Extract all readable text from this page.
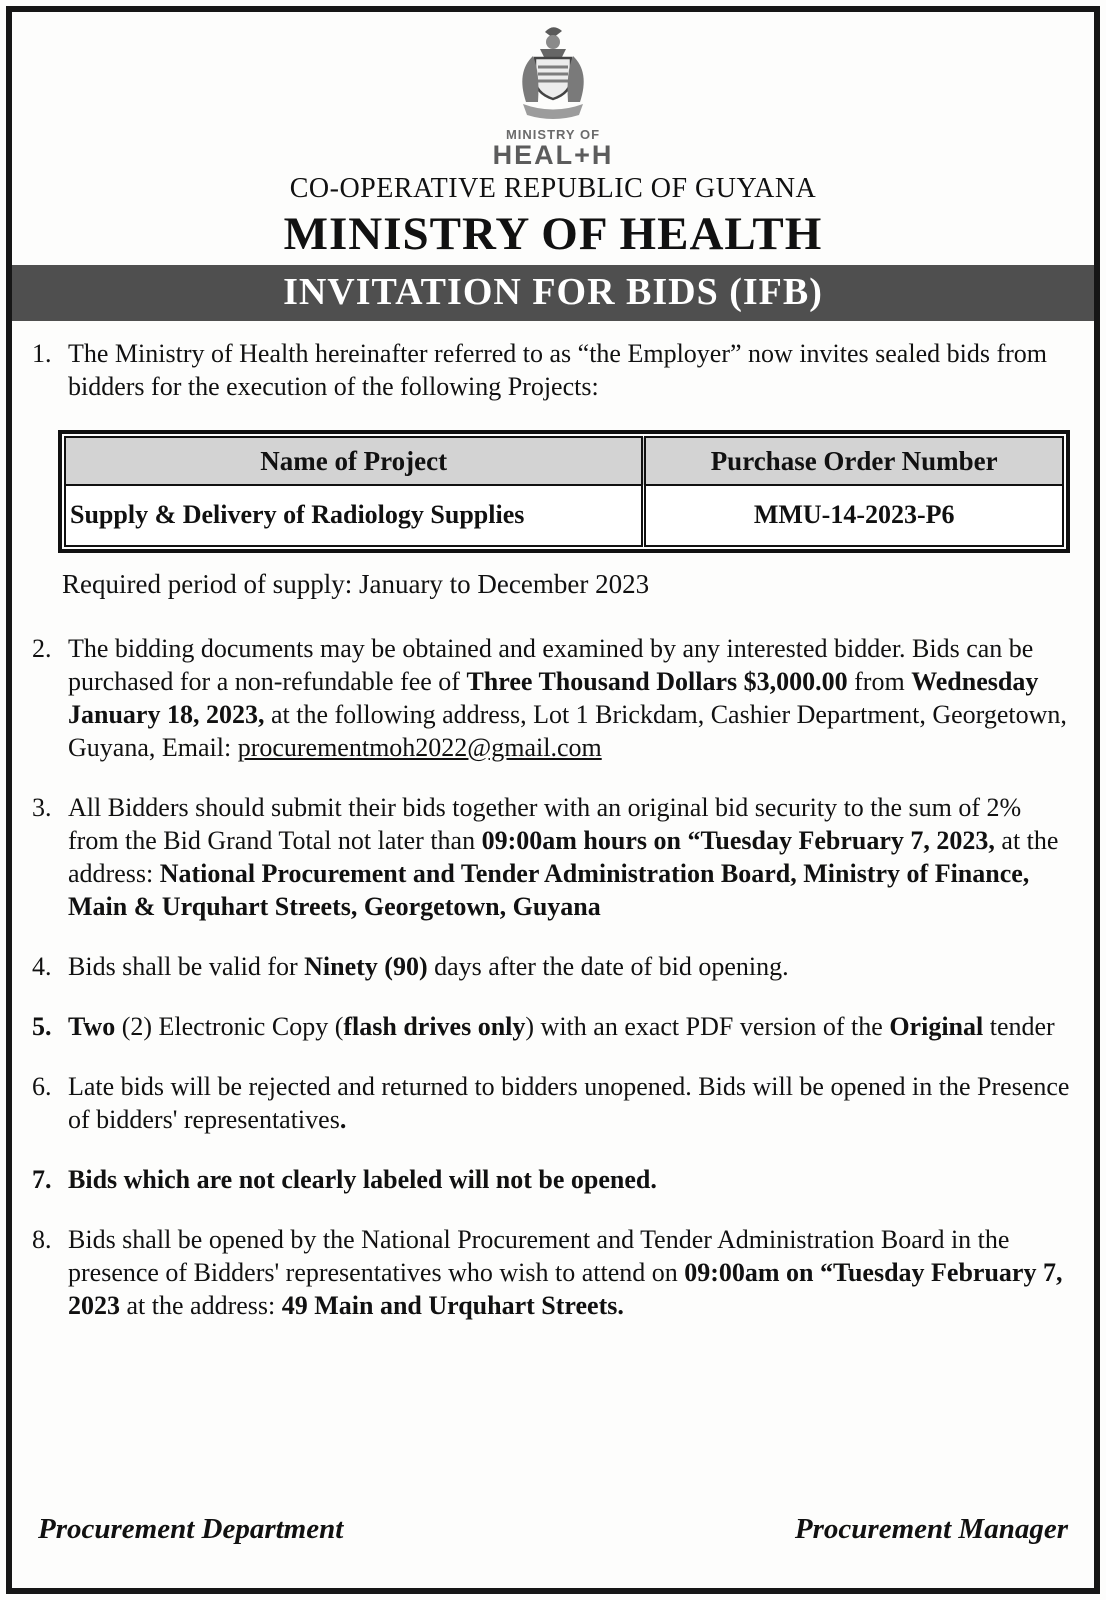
MINISTRY OF
HEAL+H
CO-OPERATIVE REPUBLIC OF GUYANA
MINISTRY OF HEALTH
INVITATION FOR BIDS (IFB)
1. The Ministry of Health hereinafter referred to as “the Employer” now invites sealed bids from bidders for the execution of the following Projects:
Name of Project	Purchase Order Number
Supply & Delivery of Radiology Supplies	MMU-14-2023-P6
Required period of supply: January to December 2023
2. The bidding documents may be obtained and examined by any interested bidder. Bids can be purchased for a non-refundable fee of Three Thousand Dollars $3,000.00 from Wednesday January 18, 2023, at the following address, Lot 1 Brickdam, Cashier Department, Georgetown, Guyana, Email: procurementmoh2022@gmail.com
3. All Bidders should submit their bids together with an original bid security to the sum of 2% from the Bid Grand Total not later than 09:00am hours on “Tuesday February 7, 2023, at the address: National Procurement and Tender Administration Board, Ministry of Finance, Main & Urquhart Streets, Georgetown, Guyana
4. Bids shall be valid for Ninety (90) days after the date of bid opening.
5. Two (2) Electronic Copy (flash drives only) with an exact PDF version of the Original tender
6. Late bids will be rejected and returned to bidders unopened. Bids will be opened in the Presence of bidders' representatives.
7. Bids which are not clearly labeled will not be opened.
8. Bids shall be opened by the National Procurement and Tender Administration Board in the presence of Bidders' representatives who wish to attend on 09:00am on “Tuesday February 7, 2023 at the address: 49 Main and Urquhart Streets.
Procurement Department	Procurement Manager
